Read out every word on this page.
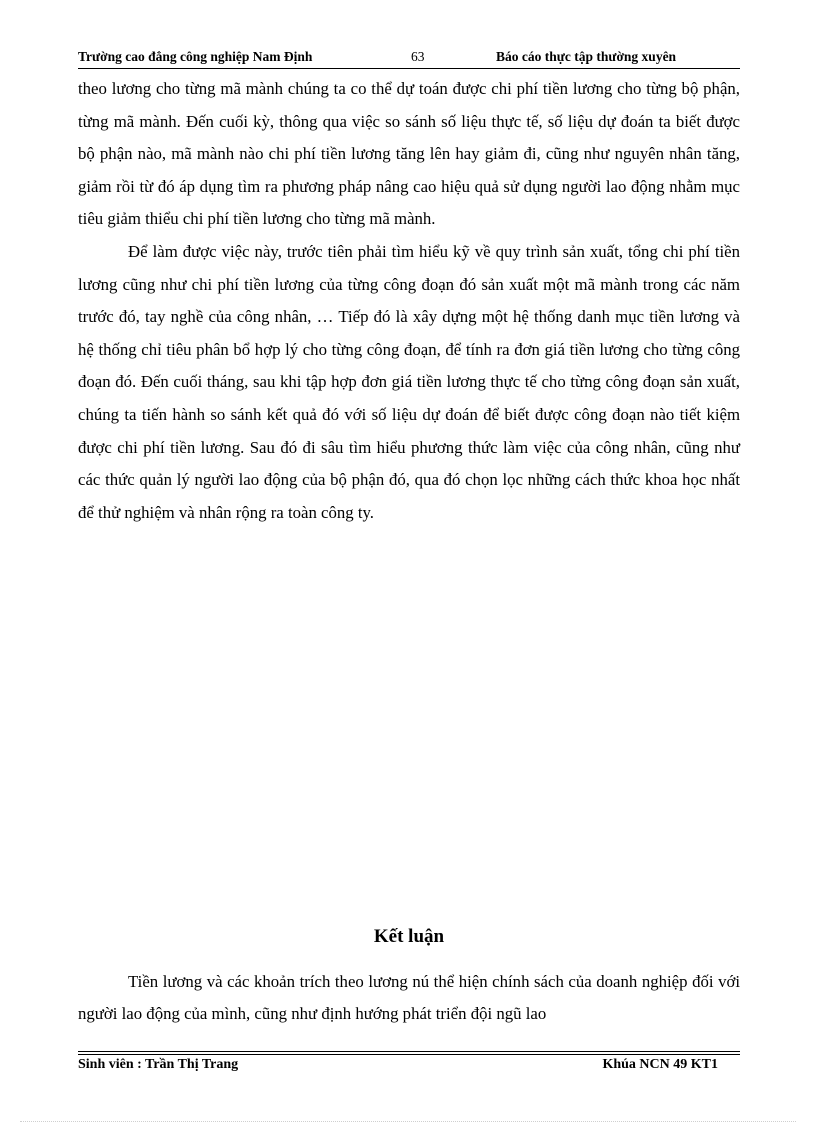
Trường cao đẳng công nghiệp Nam Định	63	Báo cáo thực tập thường xuyên

theo lương cho từng mã mành chúng ta co thể dự toán được chi phí tiền lương cho từng bộ phận, từng mã mành. Đến cuối kỳ, thông qua việc so sánh số liệu thực tế, số liệu dự đoán ta biết được bộ phận nào, mã mành nào chi phí tiền lương tăng lên hay giảm đi, cũng như nguyên nhân tăng, giảm rồi từ đó áp dụng tìm ra phương pháp nâng cao hiệu quả sử dụng người lao động nhằm mục tiêu giảm thiểu chi phí tiền lương cho từng mã mành.

Để làm được việc này, trước tiên phải tìm hiểu kỹ về quy trình sản xuất, tổng chi phí tiền lương cũng như chi phí tiền lương của từng công đoạn đó sản xuất một mã mành trong các năm trước đó, tay nghề của công nhân, … Tiếp đó là xây dựng một hệ thống danh mục tiền lương và hệ thống chỉ tiêu phân bổ hợp lý cho từng công đoạn, để tính ra đơn giá tiền lương cho từng công đoạn đó. Đến cuối tháng, sau khi tập hợp đơn giá tiền lương thực tế cho từng công đoạn sản xuất, chúng ta tiến hành so sánh kết quả đó với số liệu dự đoán để biết được công đoạn nào tiết kiệm được chi phí tiền lương. Sau đó đi sâu tìm hiểu phương thức làm việc của công nhân, cũng như các thức quản lý người lao động của bộ phận đó, qua đó chọn lọc những cách thức khoa học nhất để thử nghiệm và nhân rộng ra toàn công ty.

Kết luận

Tiền lương và các khoản trích theo lương nú thể hiện chính sách của doanh nghiệp đối với người lao động của mình, cũng như định hướng phát triển đội ngũ lao

Sinh viên : Trần Thị Trang	Khúa NCN 49 KT1
